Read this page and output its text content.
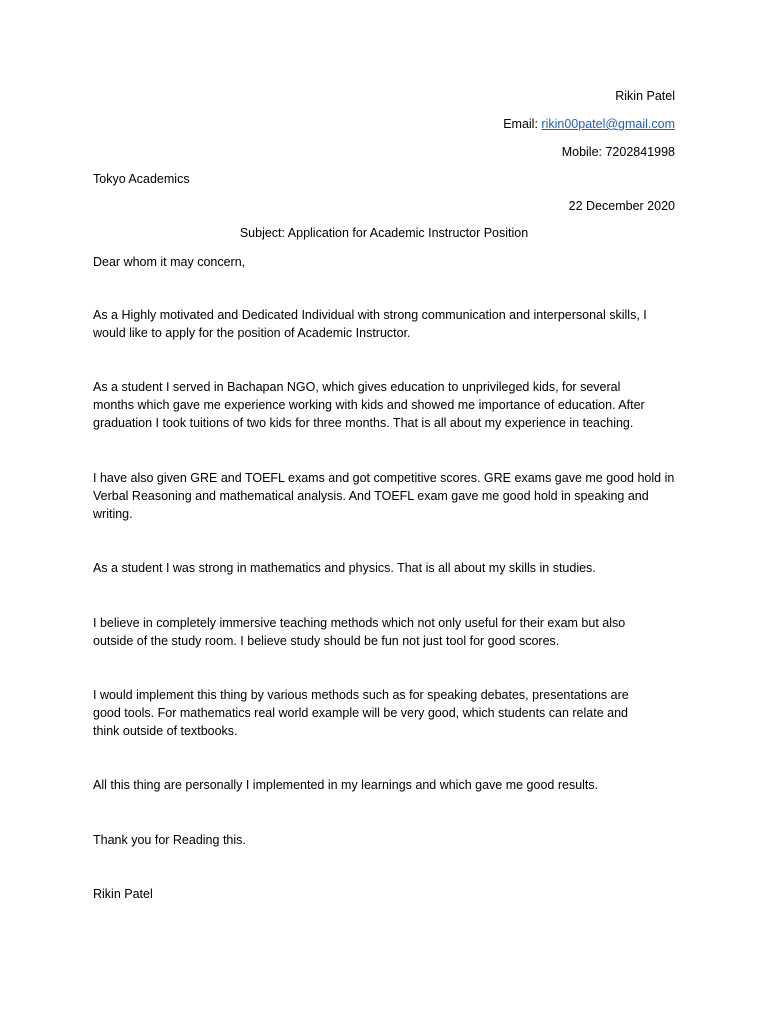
Rikin Patel
Email: rikin00patel@gmail.com
Mobile: 7202841998
Tokyo Academics
22 December 2020
Subject: Application for Academic Instructor Position
Dear whom it may concern,
As a Highly motivated and Dedicated Individual with strong communication and interpersonal skills, I
would like to apply for the position of Academic Instructor.
As a student I served in Bachapan NGO, which gives education to unprivileged kids, for several
months which gave me experience working with kids and showed me importance of education. After
graduation I took tuitions of two kids for three months. That is all about my experience in teaching.
I have also given GRE and TOEFL exams and got competitive scores. GRE exams gave me good hold in
Verbal Reasoning and mathematical analysis. And TOEFL exam gave me good hold in speaking and
writing.
As a student I was strong in mathematics and physics. That is all about my skills in studies.
I believe in completely immersive teaching methods which not only useful for their exam but also
outside of the study room. I believe study should be fun not just tool for good scores.
I would implement this thing by various methods such as for speaking debates, presentations are
good tools. For mathematics real world example will be very good, which students can relate and
think outside of textbooks.
All this thing are personally I implemented in my learnings and which gave me good results.
Thank you for Reading this.
Rikin Patel
